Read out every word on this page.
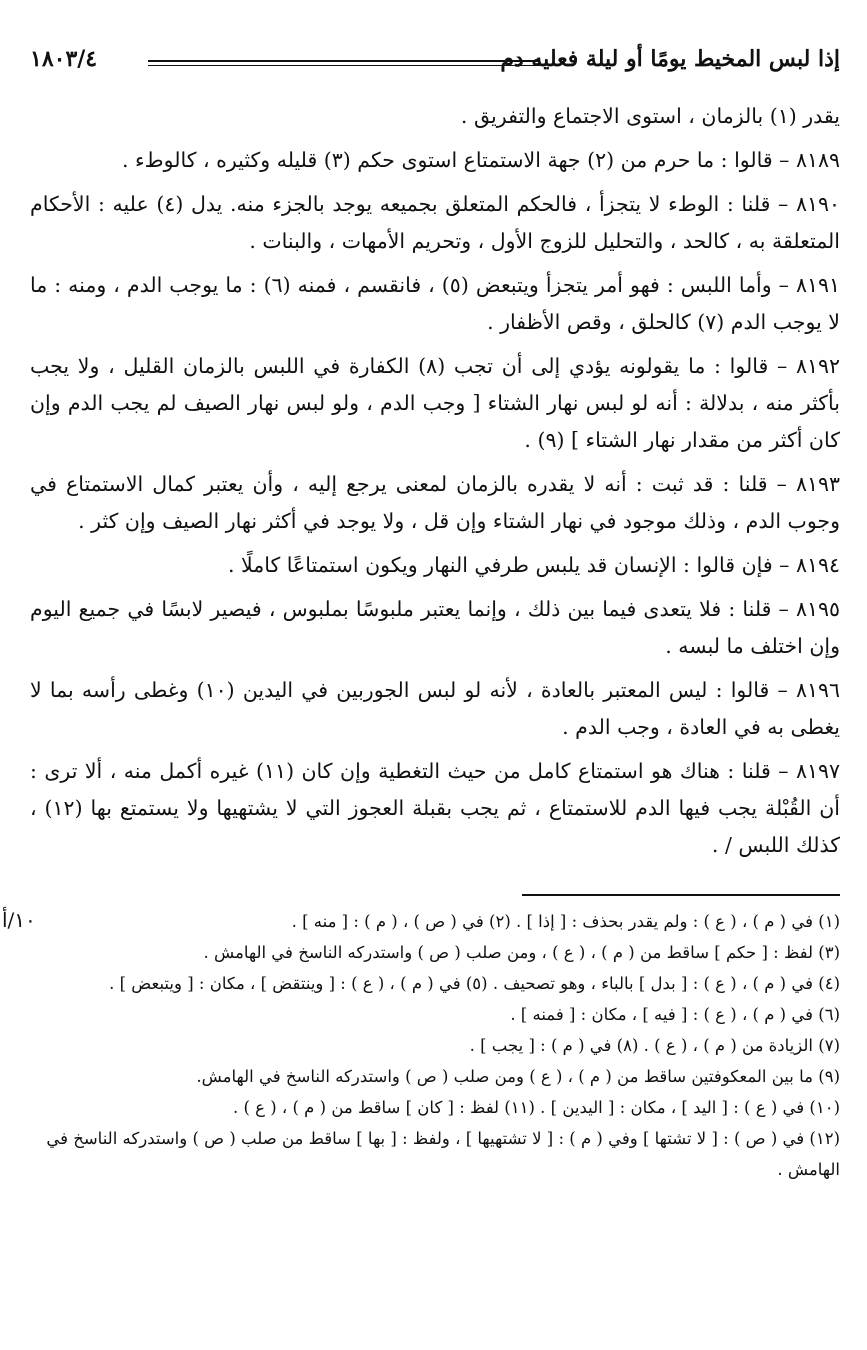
إذا لبس المخيط يومًا أو ليلة فعليه دم
١٨٠٣/٤
١٠/أ

يقدر (١) بالزمان ، استوى الاجتماع والتفريق .

٨١٨٩ – قالوا : ما حرم من (٢) جهة الاستمتاع استوى حكم (٣) قليله وكثيره ، كالوطء .

٨١٩٠ – قلنا : الوطء لا يتجزأ ، فالحكم المتعلق بجميعه يوجد بالجزء منه. يدل (٤) عليه : الأحكام المتعلقة به ، كالحد ، والتحليل للزوج الأول ، وتحريم الأمهات ، والبنات .

٨١٩١ – وأما اللبس : فهو أمر يتجزأ ويتبعض (٥) ، فانقسم ، فمنه (٦) : ما يوجب الدم ، ومنه : ما لا يوجب الدم (٧) كالحلق ، وقص الأظفار .

٨١٩٢ – قالوا : ما يقولونه يؤدي إلى أن تجب (٨) الكفارة في اللبس بالزمان القليل ، ولا يجب بأكثر منه ، بدلالة : أنه لو لبس نهار الشتاء [ وجب الدم ، ولو لبس نهار الصيف لم يجب الدم وإن كان أكثر من مقدار نهار الشتاء ] (٩) .

٨١٩٣ – قلنا : قد ثبت : أنه لا يقدره بالزمان لمعنى يرجع إليه ، وأن يعتبر كمال الاستمتاع في وجوب الدم ، وذلك موجود في نهار الشتاء وإن قل ، ولا يوجد في أكثر نهار الصيف وإن كثر .

٨١٩٤ – فإن قالوا : الإنسان قد يلبس طرفي النهار ويكون استمتاعًا كاملًا .

٨١٩٥ – قلنا : فلا يتعدى فيما بين ذلك ، وإنما يعتبر ملبوسًا بملبوس ، فيصير لابسًا في جميع اليوم وإن اختلف ما لبسه .

٨١٩٦ – قالوا : ليس المعتبر بالعادة ، لأنه لو لبس الجوربين في اليدين (١٠) وغطى رأسه بما لا يغطى به في العادة ، وجب الدم .

٨١٩٧ – قلنا : هناك هو استمتاع كامل من حيث التغطية وإن كان (١١) غيره أكمل منه ، ألا ترى : أن القُبْلة يجب فيها الدم للاستمتاع ، ثم يجب بقبلة العجوز التي لا يشتهيها ولا يستمتع بها (١٢) ، كذلك اللبس / .

(١) في ( م ) ، ( ع ) : ولم يقدر بحذف : [ إذا ] . (٢) في ( ص ) ، ( م ) : [ منه ] .

(٣) لفظ : [ حكم ] ساقط من ( م ) ، ( ع ) ، ومن صلب ( ص ) واستدركه الناسخ في الهامش .

(٤) في ( م ) ، ( ع ) : [ بدل ] بالباء ، وهو تصحيف . (٥) في ( م ) ، ( ع ) : [ وينتقض ] ، مكان : [ ويتبعض ] .

(٦) في ( م ) ، ( ع ) : [ فيه ] ، مكان : [ فمنه ] .

(٧) الزيادة من ( م ) ، ( ع ) . (٨) في ( م ) : [ يجب ] .

(٩) ما بين المعكوفتين ساقط من ( م ) ، ( ع ) ومن صلب ( ص ) واستدركه الناسخ في الهامش.

(١٠) في ( ع ) : [ اليد ] ، مكان : [ اليدين ] . (١١) لفظ : [ كان ] ساقط من ( م ) ، ( ع ) .

(١٢) في ( ص ) : [ لا تشتها ] وفي ( م ) : [ لا تشتهيها ] ، ولفظ : [ بها ] ساقط من صلب ( ص ) واستدركه الناسخ في الهامش .
